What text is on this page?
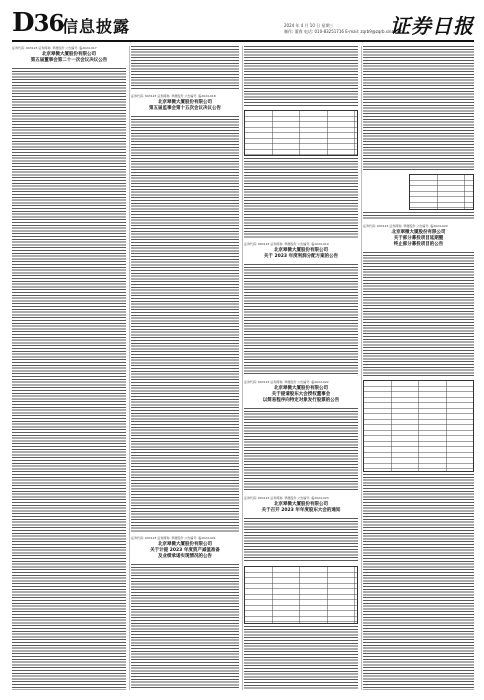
D36
信息披露	2024 年 4 月 10 日 星期三
制作: 董春 电话: 010-83251716 E-mail: zqrb9@zqrb.sina.net
证券日报
证券代码: 603123 证券简称: 翠微股份 公告编号: 临2024-017
北京翠微大厦股份有限公司
第五届董事会第二十一次会议决议公告
证券代码: 603123 证券简称: 翠微股份 公告编号: 临2024-018
北京翠微大厦股份有限公司
第五届监事会第十五次会议决议公告
证券代码: 603123 证券简称: 翠微股份 公告编号: 临2024-021
北京翠微大厦股份有限公司
关于计提 2023 年度资产减值准备
及业绩承诺实现情况的公告
证券代码: 603123 证券简称: 翠微股份 公告编号: 临2024-019
北京翠微大厦股份有限公司
关于 2023 年度利润分配方案的公告
证券代码: 603123 证券简称: 翠微股份 公告编号: 临2024-022
北京翠微大厦股份有限公司
关于提请股东大会授权董事会
以简易程序向特定对象发行股票的公告
证券代码: 603123 证券简称: 翠微股份 公告编号: 临2024-023
北京翠微大厦股份有限公司
关于召开 2023 年年度股东大会的通知
证券代码: 603123 证券简称: 翠微股份 公告编号: 临2024-020
北京翠微大厦股份有限公司
关于部分募投项目延期暨
终止部分募投项目的公告
